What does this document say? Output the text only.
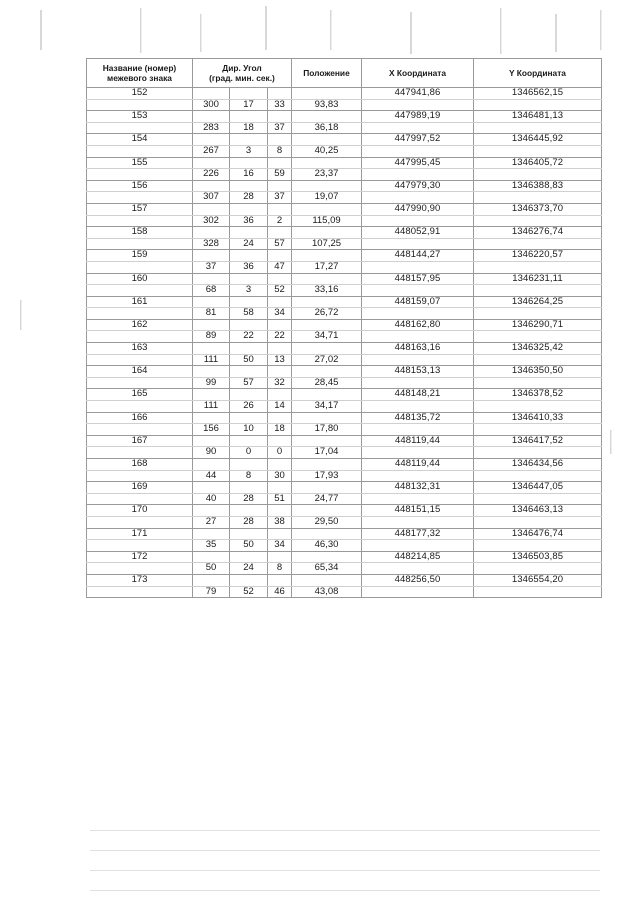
Название (номер) межевого знака	Дир. Угол
(град. мин. сек.)			Положение	X Координата	Y Координата
152					447941,86	1346562,15
	300	17	33	93,83		
153					447989,19	1346481,13
	283	18	37	36,18		
154					447997,52	1346445,92
	267	3	8	40,25		
155					447995,45	1346405,72
	226	16	59	23,37		
156					447979,30	1346388,83
	307	28	37	19,07		
157					447990,90	1346373,70
	302	36	2	115,09		
158					448052,91	1346276,74
	328	24	57	107,25		
159					448144,27	1346220,57
	37	36	47	17,27		
160					448157,95	1346231,11
	68	3	52	33,16		
161					448159,07	1346264,25
	81	58	34	26,72		
162					448162,80	1346290,71
	89	22	22	34,71		
163					448163,16	1346325,42
	111	50	13	27,02		
164					448153,13	1346350,50
	99	57	32	28,45		
165					448148,21	1346378,52
	111	26	14	34,17		
166					448135,72	1346410,33
	156	10	18	17,80		
167					448119,44	1346417,52
	90	0	0	17,04		
168					448119,44	1346434,56
	44	8	30	17,93		
169					448132,31	1346447,05
	40	28	51	24,77		
170					448151,15	1346463,13
	27	28	38	29,50		
171					448177,32	1346476,74
	35	50	34	46,30		
172					448214,85	1346503,85
	50	24	8	65,34		
173					448256,50	1346554,20
	79	52	46	43,08		
